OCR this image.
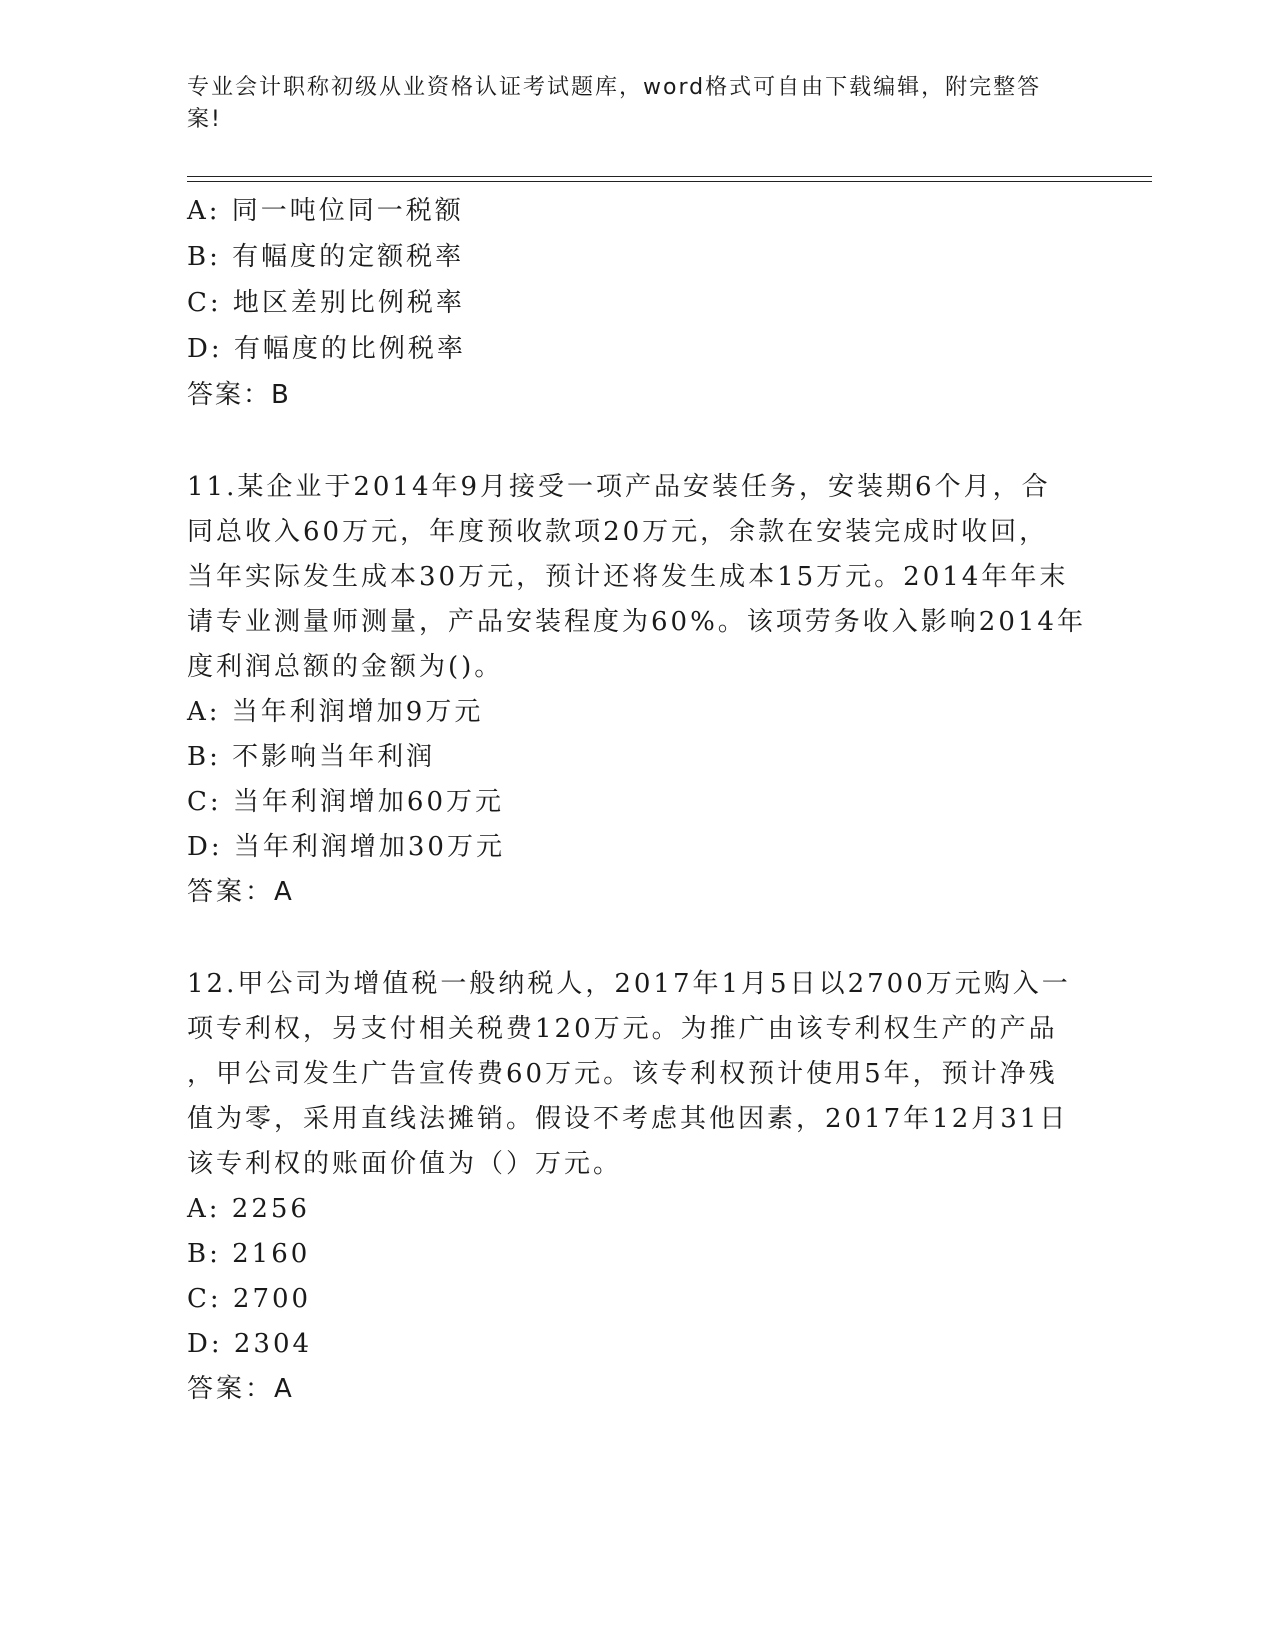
专业会计职称初级从业资格认证考试题库，word格式可自由下载编辑，附完整答
案!

A: 同一吨位同一税额

B: 有幅度的定额税率

C: 地区差别比例税率

D: 有幅度的比例税率

答案：B

11.某企业于2014年9月接受一项产品安装任务，安装期6个月，合

同总收入60万元，年度预收款项20万元，余款在安装完成时收回，

当年实际发生成本30万元，预计还将发生成本15万元。2014年年末

请专业测量师测量，产品安装程度为60%。该项劳务收入影响2014年

度利润总额的金额为()。

A: 当年利润增加9万元

B: 不影响当年利润

C: 当年利润增加60万元

D: 当年利润增加30万元

答案：A

12.甲公司为增值税一般纳税人，2017年1月5日以2700万元购入一

项专利权，另支付相关税费120万元。为推广由该专利权生产的产品

，甲公司发生广告宣传费60万元。该专利权预计使用5年，预计净残

值为零，采用直线法摊销。假设不考虑其他因素，2017年12月31日

该专利权的账面价值为（）万元。

A: 2256

B: 2160

C: 2700

D: 2304

答案：A
